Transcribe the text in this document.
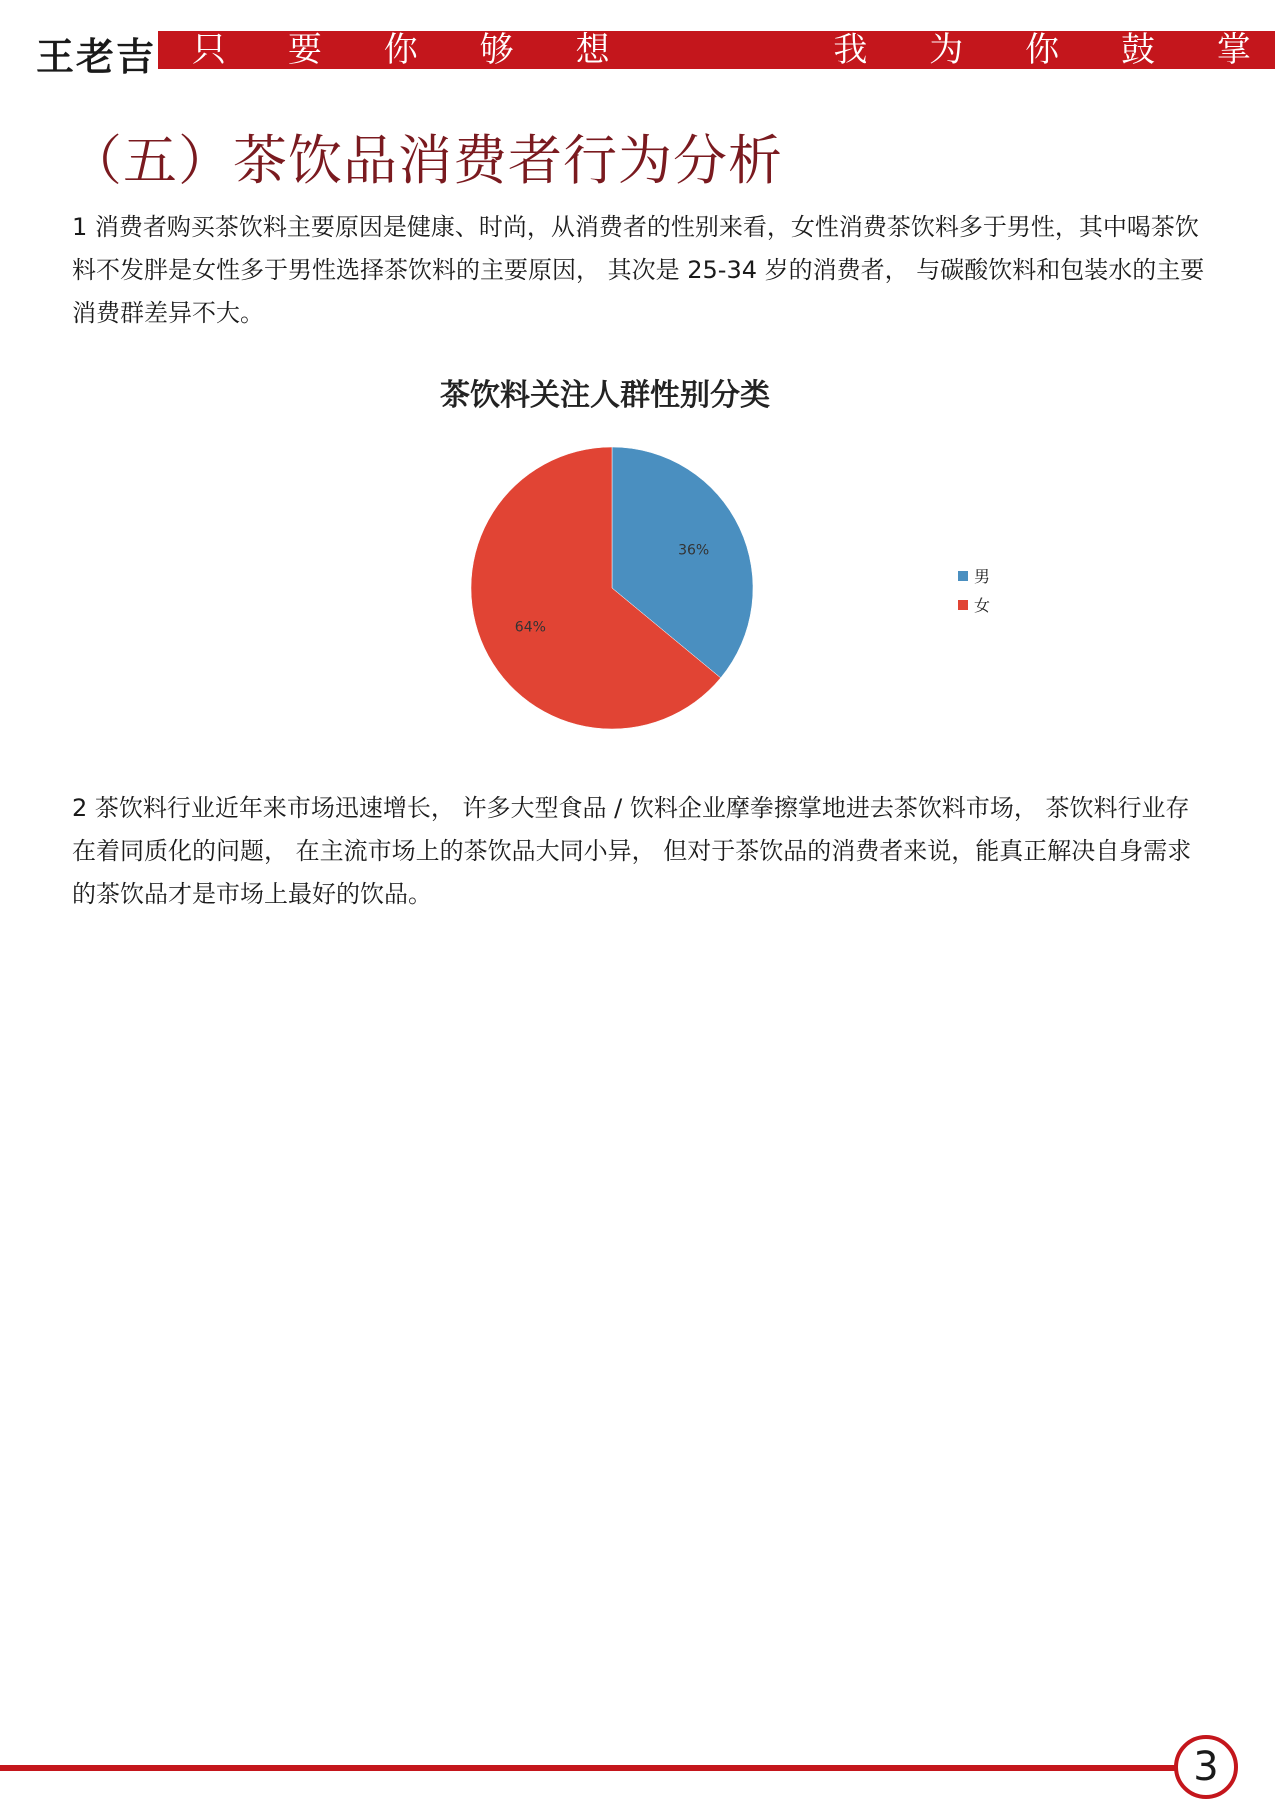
王老吉 只 要 你 够 想	我 为 你 鼓 掌
（五）茶饮品消费者行为分析

1 消费者购买茶饮料主要原因是健康、时尚，从消费者的性别来看，女性消费茶饮料多于男性，其中喝茶饮料不发胖是女性多于男性选择茶饮料的主要原因， 其次是 25-34 岁的消费者， 与碳酸饮料和包装水的主要消费群差异不大。

茶饮料关注人群性别分类
36%
64%
男
女

2 茶饮料行业近年来市场迅速增长， 许多大型食品 / 饮料企业摩拳擦掌地进去茶饮料市场， 茶饮料行业存在着同质化的问题， 在主流市场上的茶饮品大同小异， 但对于茶饮品的消费者来说，能真正解决自身需求的茶饮品才是市场上最好的饮品。

3
